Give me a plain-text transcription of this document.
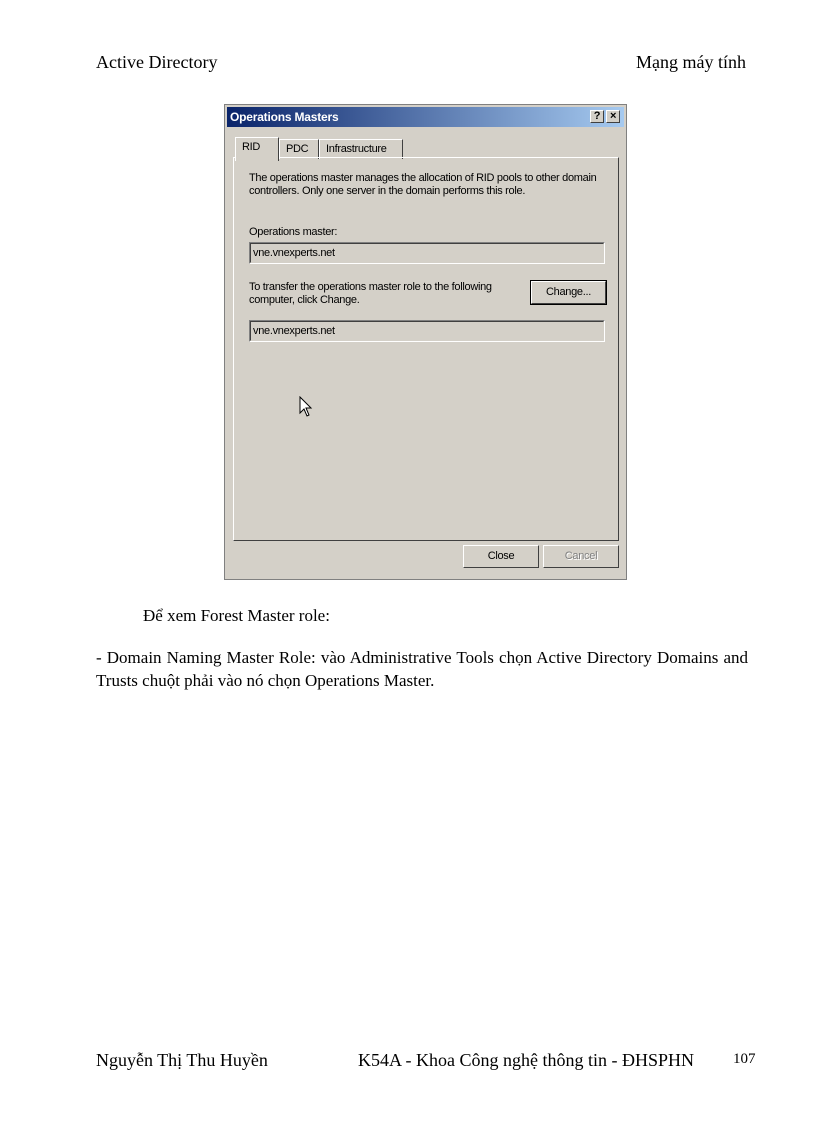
Active Directory	Mạng máy tính
Operations Masters	? ×
RID	PDC	Infrastructure
The operations master manages the allocation of RID pools to other domain controllers. Only one server in the domain performs this role.
Operations master:
vne.vnexperts.net
To transfer the operations master role to the following computer, click Change.
Change...
vne.vnexperts.net
Close	Cancel
Để xem Forest Master role:
- Domain Naming Master Role: vào Administrative Tools chọn Active Directory Domains and Trusts chuột phải vào nó chọn Operations Master.
Nguyễn Thị Thu Huyền	K54A - Khoa Công nghệ thông tin - ĐHSPHN	107
